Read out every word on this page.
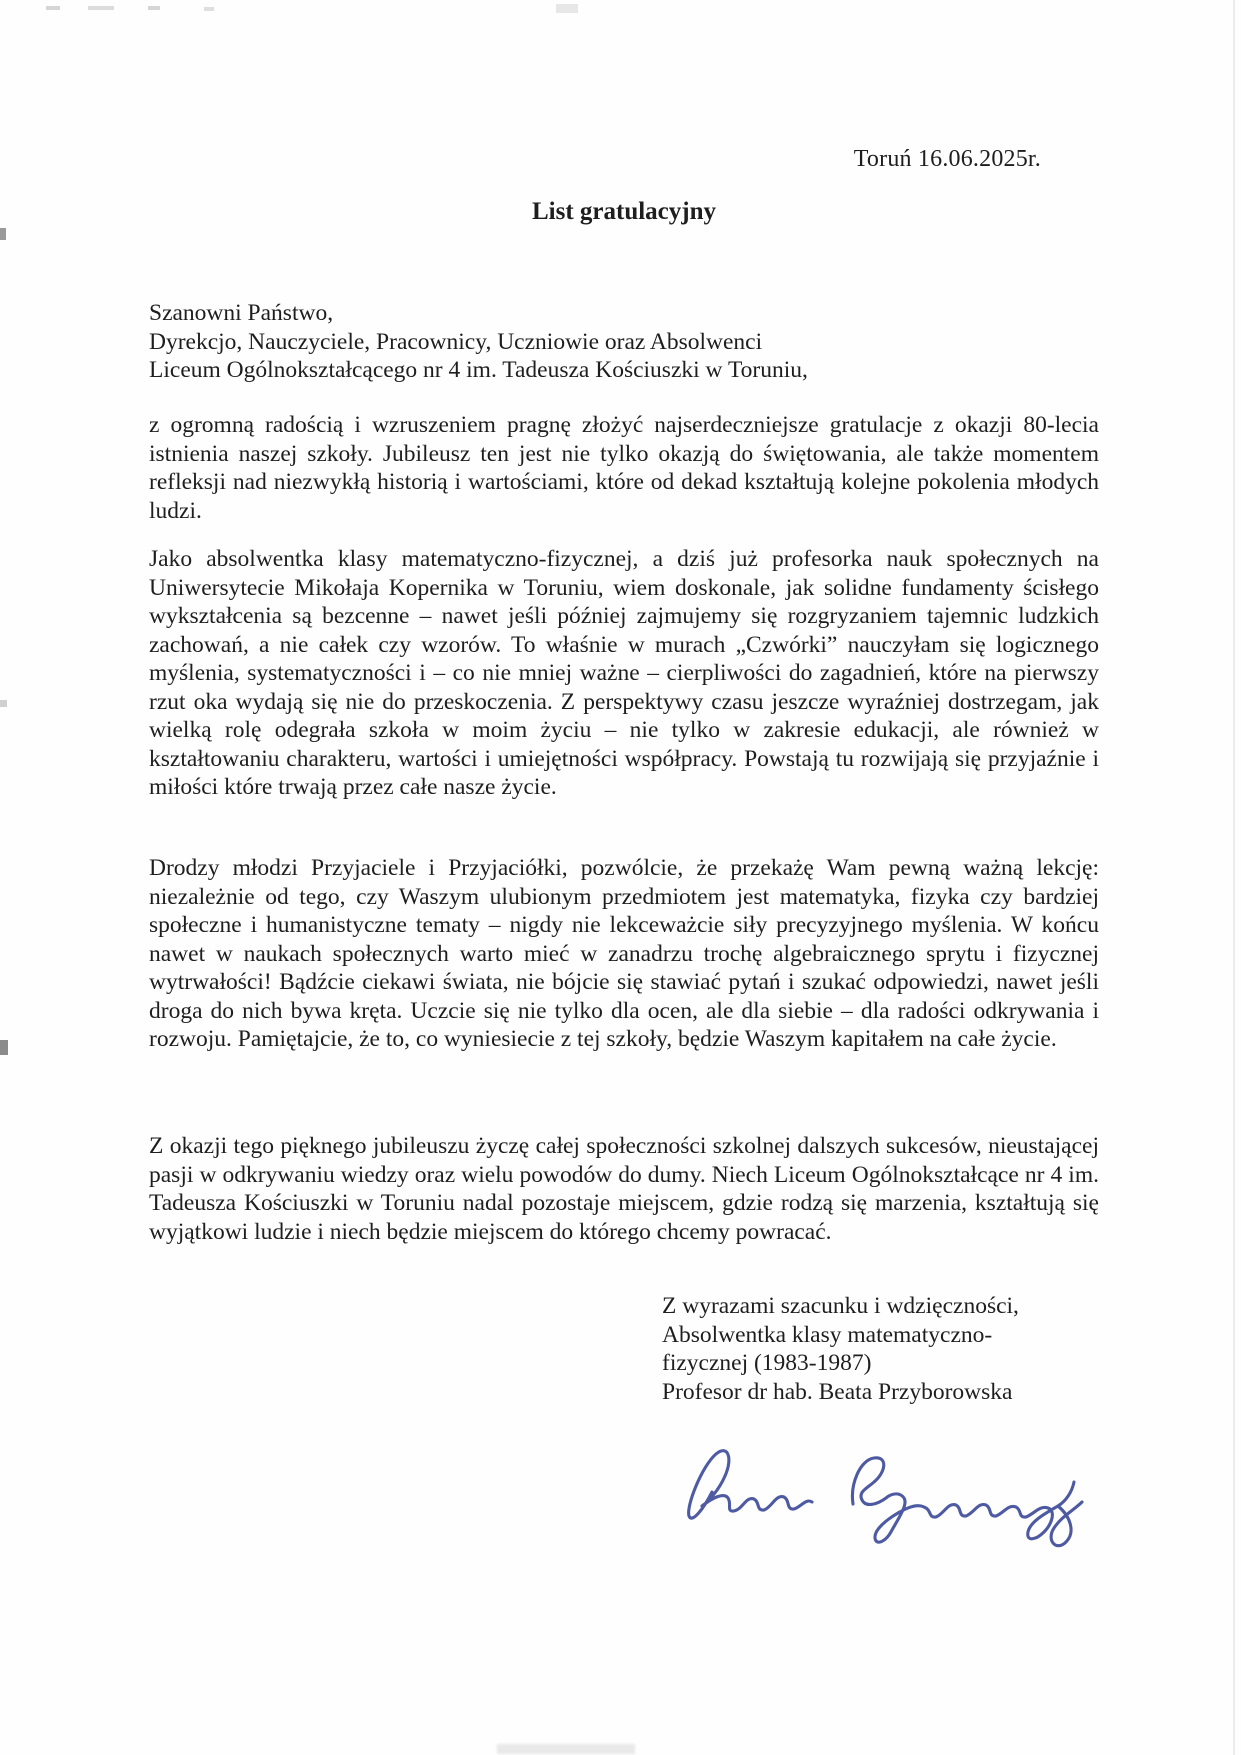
Toruń 16.06.2025r.
List gratulacyjny
Szanowni Państwo,
Dyrekcjo, Nauczyciele, Pracownicy, Uczniowie oraz Absolwenci
Liceum Ogólnokształcącego nr 4 im. Tadeusza Kościuszki w Toruniu,

z ogromną radością i wzruszeniem pragnę złożyć najserdeczniejsze gratulacje z okazji 80-lecia istnienia naszej szkoły. Jubileusz ten jest nie tylko okazją do świętowania, ale także momentem refleksji nad niezwykłą historią i wartościami, które od dekad kształtują kolejne pokolenia młodych ludzi.

Jako absolwentka klasy matematyczno-fizycznej, a dziś już profesorka nauk społecznych na Uniwersytecie Mikołaja Kopernika w Toruniu, wiem doskonale, jak solidne fundamenty ścisłego wykształcenia są bezcenne – nawet jeśli później zajmujemy się rozgryzaniem tajemnic ludzkich zachowań, a nie całek czy wzorów. To właśnie w murach „Czwórki” nauczyłam się logicznego myślenia, systematyczności i – co nie mniej ważne – cierpliwości do zagadnień, które na pierwszy rzut oka wydają się nie do przeskoczenia. Z perspektywy czasu jeszcze wyraźniej dostrzegam, jak wielką rolę odegrała szkoła w moim życiu – nie tylko w zakresie edukacji, ale również w kształtowaniu charakteru, wartości i umiejętności współpracy. Powstają tu rozwijają się przyjaźnie i miłości które trwają przez całe nasze życie.

Drodzy młodzi Przyjaciele i Przyjaciółki, pozwólcie, że przekażę Wam pewną ważną lekcję: niezależnie od tego, czy Waszym ulubionym przedmiotem jest matematyka, fizyka czy bardziej społeczne i humanistyczne tematy – nigdy nie lekceważcie siły precyzyjnego myślenia. W końcu nawet w naukach społecznych warto mieć w zanadrzu trochę algebraicznego sprytu i fizycznej wytrwałości! Bądźcie ciekawi świata, nie bójcie się stawiać pytań i szukać odpowiedzi, nawet jeśli droga do nich bywa kręta. Uczcie się nie tylko dla ocen, ale dla siebie – dla radości odkrywania i rozwoju. Pamiętajcie, że to, co wyniesiecie z tej szkoły, będzie Waszym kapitałem na całe życie.

Z okazji tego pięknego jubileuszu życzę całej społeczności szkolnej dalszych sukcesów, nieustającej pasji w odkrywaniu wiedzy oraz wielu powodów do dumy. Niech Liceum Ogólnokształcące nr 4 im. Tadeusza Kościuszki w Toruniu nadal pozostaje miejscem, gdzie rodzą się marzenia, kształtują się wyjątkowi ludzie i niech będzie miejscem do którego chcemy powracać.

Z wyrazami szacunku i wdzięczności,
Absolwentka klasy matematyczno-
fizycznej (1983-1987)
Profesor dr hab. Beata Przyborowska
